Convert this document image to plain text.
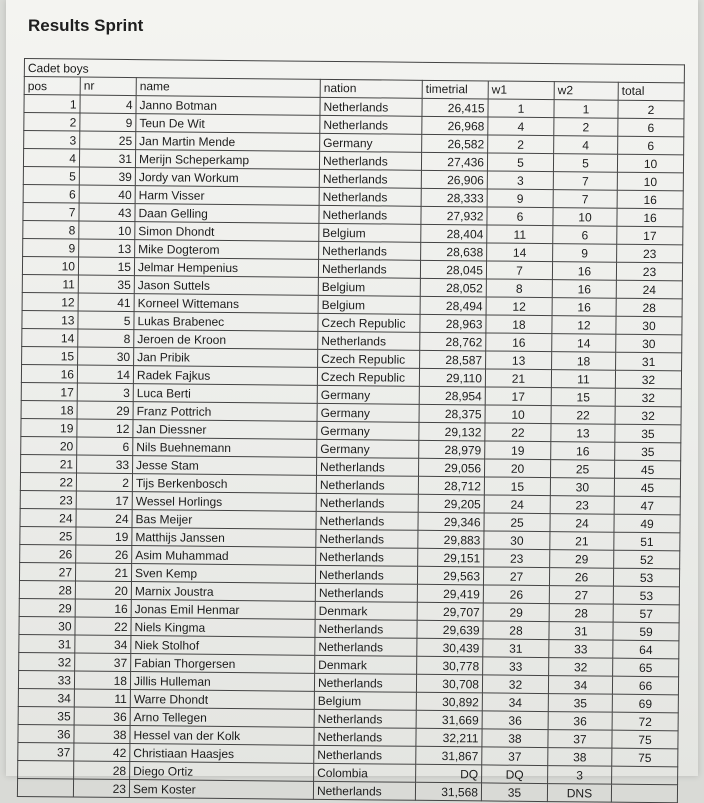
Results Sprint
Cadet boys							
pos	nr	name	nation	timetrial	w1	w2	total
1	4	Janno Botman	Netherlands	26,415	1	1	2
2	9	Teun De Wit	Netherlands	26,968	4	2	6
3	25	Jan Martin Mende	Germany	26,582	2	4	6
4	31	Merijn Scheperkamp	Netherlands	27,436	5	5	10
5	39	Jordy van Workum	Netherlands	26,906	3	7	10
6	40	Harm Visser	Netherlands	28,333	9	7	16
7	43	Daan Gelling	Netherlands	27,932	6	10	16
8	10	Simon Dhondt	Belgium	28,404	11	6	17
9	13	Mike Dogterom	Netherlands	28,638	14	9	23
10	15	Jelmar Hempenius	Netherlands	28,045	7	16	23
11	35	Jason Suttels	Belgium	28,052	8	16	24
12	41	Korneel Wittemans	Belgium	28,494	12	16	28
13	5	Lukas Brabenec	Czech Republic	28,963	18	12	30
14	8	Jeroen de Kroon	Netherlands	28,762	16	14	30
15	30	Jan Pribik	Czech Republic	28,587	13	18	31
16	14	Radek Fajkus	Czech Republic	29,110	21	11	32
17	3	Luca Berti	Germany	28,954	17	15	32
18	29	Franz Pottrich	Germany	28,375	10	22	32
19	12	Jan Diessner	Germany	29,132	22	13	35
20	6	Nils Buehnemann	Germany	28,979	19	16	35
21	33	Jesse Stam	Netherlands	29,056	20	25	45
22	2	Tijs Berkenbosch	Netherlands	28,712	15	30	45
23	17	Wessel Horlings	Netherlands	29,205	24	23	47
24	24	Bas Meijer	Netherlands	29,346	25	24	49
25	19	Matthijs Janssen	Netherlands	29,883	30	21	51
26	26	Asim Muhammad	Netherlands	29,151	23	29	52
27	21	Sven Kemp	Netherlands	29,563	27	26	53
28	20	Marnix Joustra	Netherlands	29,419	26	27	53
29	16	Jonas Emil Henmar	Denmark	29,707	29	28	57
30	22	Niels Kingma	Netherlands	29,639	28	31	59
31	34	Niek Stolhof	Netherlands	30,439	31	33	64
32	37	Fabian Thorgersen	Denmark	30,778	33	32	65
33	18	Jillis Hulleman	Netherlands	30,708	32	34	66
34	11	Warre Dhondt	Belgium	30,892	34	35	69
35	36	Arno Tellegen	Netherlands	31,669	36	36	72
36	38	Hessel van der Kolk	Netherlands	32,211	38	37	75
37	42	Christiaan Haasjes	Netherlands	31,867	37	38	75
	28	Diego Ortiz	Colombia	DQ	DQ	3	
	23	Sem Koster	Netherlands	31,568	35	DNS	
